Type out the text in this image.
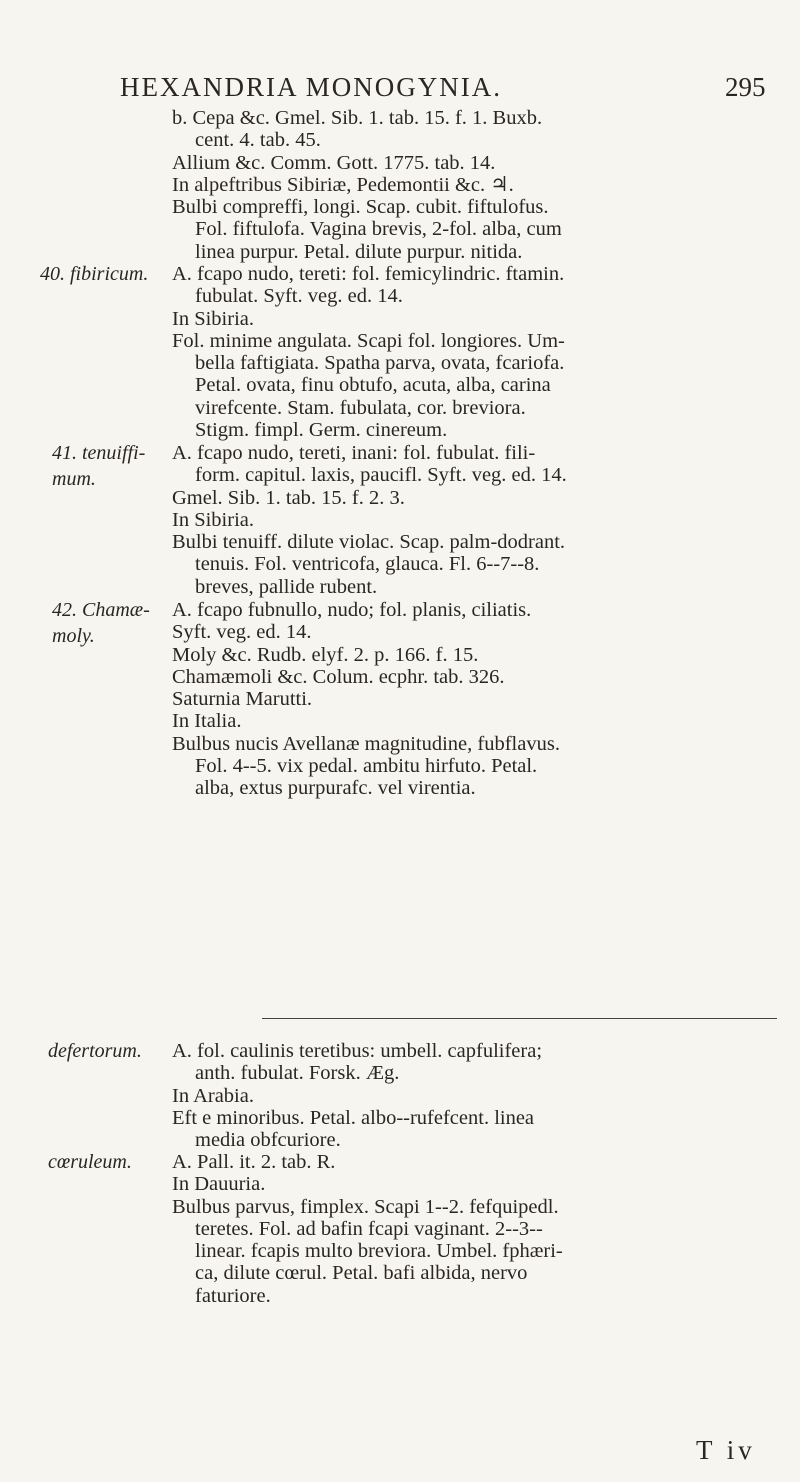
HEXANDRIA MONOGYNIA.	295
b. Cepa &c. Gmel. Sib. 1. tab. 15. f. 1. Buxb.
cent. 4. tab. 45.
Allium &c. Comm. Gott. 1775. tab. 14.
In alpeftribus Sibiriæ, Pedemontii &c. ♃.
Bulbi compreffi, longi. Scap. cubit. fiftulofus.
Fol. fiftulofa. Vagina brevis, 2-fol. alba, cum
linea purpur. Petal. dilute purpur. nitida.
40. fibiricum.	A. fcapo nudo, tereti: fol. femicylindric. ftamin.
fubulat. Syft. veg. ed. 14.
In Sibiria.
Fol. minime angulata. Scapi fol. longiores. Um-
bella faftigiata. Spatha parva, ovata, fcariofa.
Petal. ovata, finu obtufo, acuta, alba, carina
virefcente. Stam. fubulata, cor. breviora.
Stigm. fimpl. Germ. cinereum.
41. tenuiffi-
mum.
A. fcapo nudo, tereti, inani: fol. fubulat. fili-
form. capitul. laxis, paucifl. Syft. veg. ed. 14.
Gmel. Sib. 1. tab. 15. f. 2. 3.
In Sibiria.
Bulbi tenuiff. dilute violac. Scap. palm-dodrant.
tenuis. Fol. ventricofa, glauca. Fl. 6--7--8.
breves, pallide rubent.
42. Chamæ-
moly.
A. fcapo fubnullo, nudo; fol. planis, ciliatis.
Syft. veg. ed. 14.
Moly &c. Rudb. elyf. 2. p. 166. f. 15.
Chamæmoli &c. Colum. ecphr. tab. 326.
Saturnia Marutti.
In Italia.
Bulbus nucis Avellanæ magnitudine, fubflavus.
Fol. 4--5. vix pedal. ambitu hirfuto. Petal.
alba, extus purpurafc. vel virentia.
defertorum.	A. fol. caulinis teretibus: umbell. capfulifera;
anth. fubulat. Forsk. Æg.
In Arabia.
Eft e minoribus. Petal. albo--rufefcent. linea
media obfcuriore.
cœruleum.	A. Pall. it. 2. tab. R.
In Dauuria.
Bulbus parvus, fimplex. Scapi 1--2. fefquipedl.
teretes. Fol. ad bafin fcapi vaginant. 2--3--
linear. fcapis multo breviora. Umbel. fphæri-
ca, dilute cœrul. Petal. bafi albida, nervo
faturiore.
T iv
